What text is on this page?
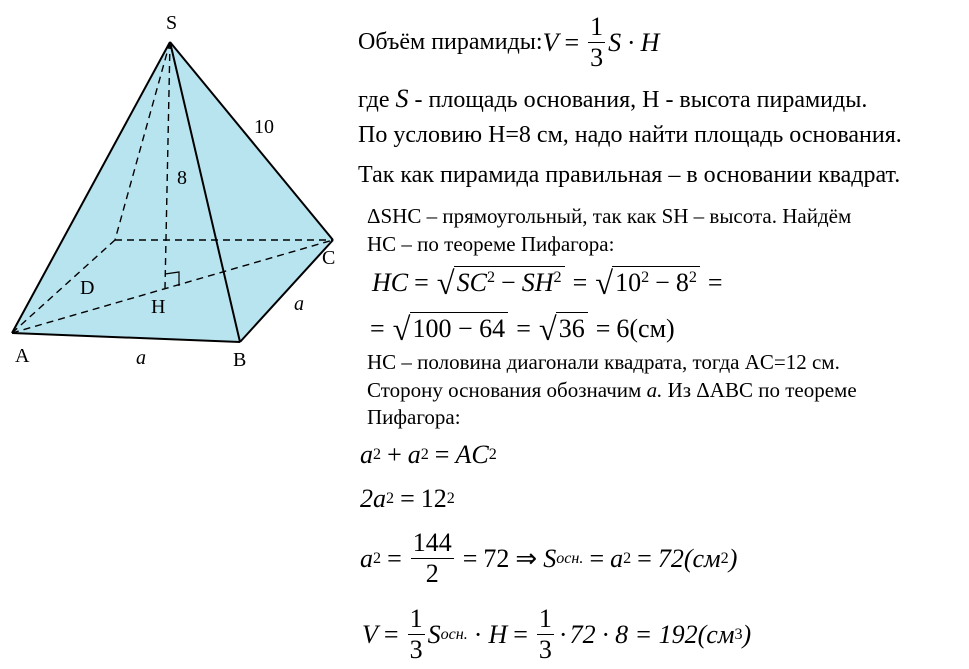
S
A	B
C
D
H
10
8
a
a
Объём пирамиды: $V = \frac{1}{3}$ S · H
где S - площадь основания, Н - высота пирамиды.
По условию Н=8 см, надо найти площадь основания.
Так как пирамида правильная – в основании квадрат.
ΔSHC – прямоугольный, так как SH – высота. Найдём
HC – по теореме Пифагора:
HC = √ $SC^2 - SH^2$ = √ $10^2 - 8^2$ =
= √ 100 − 64 = √ 36 = 6(см)
HC – половина диагонали квадрата, тогда AC=12 см.
Сторону основания обозначим a. Из ΔABC по теореме
Пифагора:
a 2 + a 2 = AC 2
2a 2 = 12 2
a $2 = \frac{144}{2} = 72$ ⇒ S осн. = a 2 = 72(см 2 )
$V = \frac{1}{3}$ S осн. · $H = \frac{1}{3} \cdot 72 \cdot 8 = 192(см$ 3 )
